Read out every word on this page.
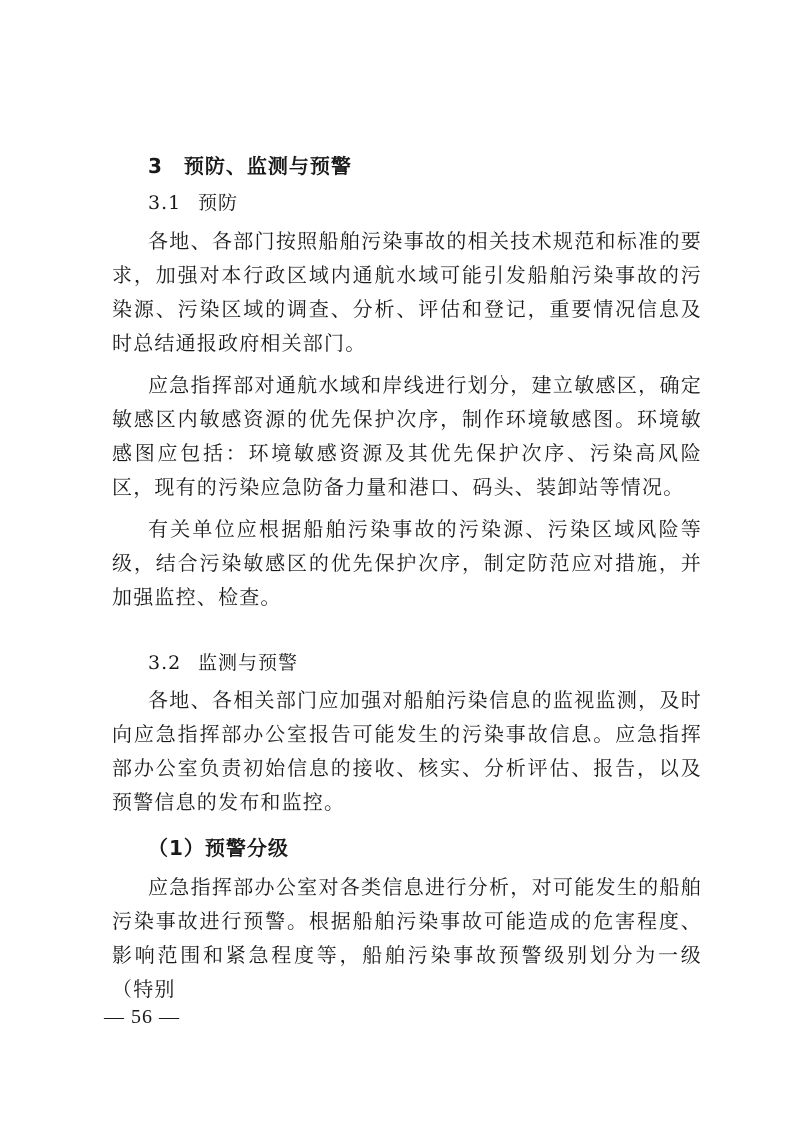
3　预防、监测与预警
3.1 预防

各地、各部门按照船舶污染事故的相关技术规范和标准的要求，加强对本行政区域内通航水域可能引发船舶污染事故的污染源、污染区域的调查、分析、评估和登记，重要情况信息及时总结通报政府相关部门。

应急指挥部对通航水域和岸线进行划分，建立敏感区，确定敏感区内敏感资源的优先保护次序，制作环境敏感图。环境敏感图应包括：环境敏感资源及其优先保护次序、污染高风险区，现有的污染应急防备力量和港口、码头、装卸站等情况。

有关单位应根据船舶污染事故的污染源、污染区域风险等级，结合污染敏感区的优先保护次序，制定防范应对措施，并加强监控、检查。

3.2 监测与预警

各地、各相关部门应加强对船舶污染信息的监视监测，及时向应急指挥部办公室报告可能发生的污染事故信息。应急指挥部办公室负责初始信息的接收、核实、分析评估、报告，以及预警信息的发布和监控。

（1）预警分级

应急指挥部办公室对各类信息进行分析，对可能发生的船舶污染事故进行预警。根据船舶污染事故可能造成的危害程度、影响范围和紧急程度等，船舶污染事故预警级别划分为一级（特别

— 56 —
